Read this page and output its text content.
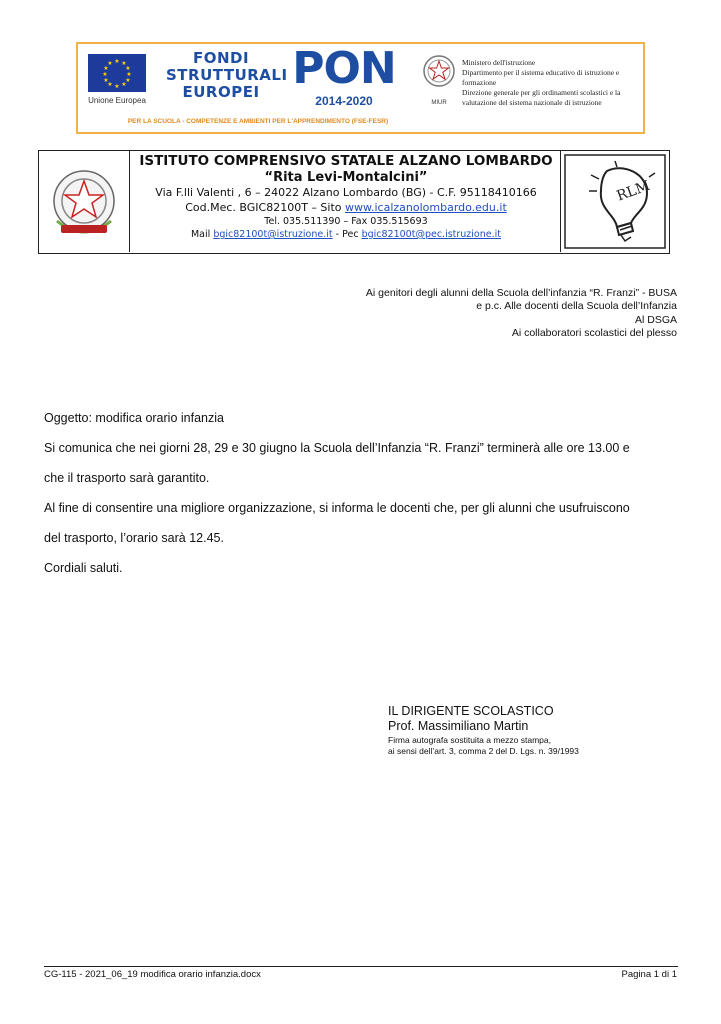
★ ★
★
★
★
★
★
★
★
★
★
★
Unione Europea
FONDI
STRUTTURALI
EUROPEI PON
2014-2020
PER LA SCUOLA - COMPETENZE E AMBIENTI PER L'APPRENDIMENTO (FSE-FESR)
MIUR
Ministero dell'istruzione
Dipartimento per il sistema educativo di istruzione e formazione
Direzione generale per gli ordinamenti scolastici e la valutazione del sistema nazionale di istruzione
ISTITUTO COMPRENSIVO STATALE ALZANO LOMBARDO
“Rita Levi-Montalcini”
Via F.lli Valenti , 6 – 24022 Alzano Lombardo (BG) - C.F. 95118410166
Cod.Mec. BGIC82100T – Sito www.icalzanolombardo.edu.it
Tel. 035.511390 – Fax 035.515693
Mail bgic82100t@istruzione.it - Pec bgic82100t@pec.istruzione.it
RLM
Ai genitori degli alunni della Scuola dell’infanzia “R. Franzi” - BUSA
e p.c. Alle docenti della Scuola dell’Infanzia
Al DSGA
Ai collaboratori scolastici del plesso

Oggetto: modifica orario infanzia

Si comunica che nei giorni 28, 29 e 30 giugno la Scuola dell’Infanzia “R. Franzi” terminerà alle ore 13.00 e

che il trasporto sarà garantito.

Al fine di consentire una migliore organizzazione, si informa le docenti che, per gli alunni che usufruiscono

del trasporto, l’orario sarà 12.45.

Cordiali saluti.

IL DIRIGENTE SCOLASTICO
Prof. Massimiliano Martin
Firma autografa sostituita a mezzo stampa,
ai sensi dell’art. 3, comma 2 del D. Lgs. n. 39/1993
CG-115 - 2021_06_19 modifica orario infanzia.docx	Pagina 1 di 1
